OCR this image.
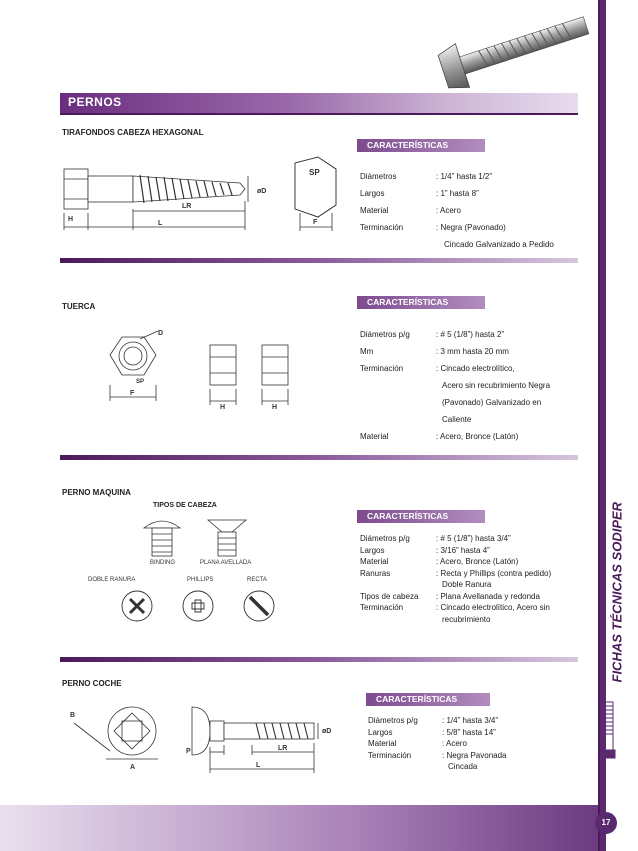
FICHAS TÉCNICAS SODIPER
PERNOS
TIRAFONDOS CABEZA HEXAGONAL
CARACTERÍSTICAS
H
LR
L
øD
SP
F
Diámetros	: 1/4” hasta 1/2”
Largos	: 1” hasta 8”
Material	: Acero
Terminación	: Negra (Pavonado)
Cincado Galvanizado a Pedido
TUERCA	CARACTERÍSTICAS
D
SP
F
H	H
Diámetros p/g	: # 5 (1/8”) hasta 2”
Mm	: 3 mm hasta 20 mm
Terminación	: Cincado electrolítico,
Acero sin recubrimiento Negra
(Pavonado) Galvanizado en
Caliente
Material	: Acero, Bronce (Latón)
PERNO MAQUINA
TIPOS DE CABEZA
CARACTERÍSTICAS
BINDING	PLANA AVELLADA
DOBLE RANURA	PHILLIPS	RECTA
Diámetros p/g	: # 5 (1/8”) hasta 3/4”
Largos	: 3/16” hasta 4”
Material	: Acero, Bronce (Latón)
Ranuras	: Recta y Phillips (contra pedido)
Doble Ranura
Tipos de cabeza : Plana Avellanada y redonda
Terminación	: Cincado electrolítico, Acero sin
recubrimiento
PERNO COCHE
CARACTERÍSTICAS
B
A
P	LR
L
øD
Diámetros p/g	: 1/4” hasta 3/4”
Largos	: 5/8” hasta 14”
Material	: Acero
Terminación	: Negra Pavonada
Cincada
17
